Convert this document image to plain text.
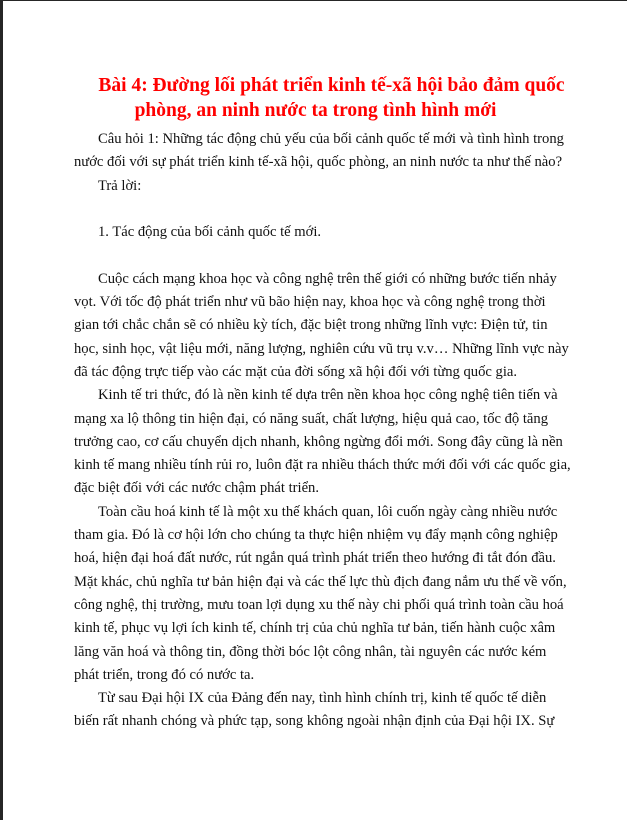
Bài 4: Đường lối phát triển kinh tế-xã hội bảo đảm quốc
phòng, an ninh nước ta trong tình hình mới
Câu hỏi 1: Những tác động chủ yếu của bối cảnh quốc tế mới và tình hình trong
nước đối với sự phát triển kinh tế-xã hội, quốc phòng, an ninh nước ta như thế nào?
Trả lời:
1. Tác động của bối cảnh quốc tế mới.
Cuộc cách mạng khoa học và công nghệ trên thế giới có những bước tiến nhảy
vọt. Với tốc độ phát triển như vũ bão hiện nay, khoa học và công nghệ trong thời
gian tới chắc chắn sẽ có nhiều kỳ tích, đặc biệt trong những lĩnh vực: Điện tử, tin
học, sinh học, vật liệu mới, năng lượng, nghiên cứu vũ trụ v.v… Những lĩnh vực này
đã tác động trực tiếp vào các mặt của đời sống xã hội đối với từng quốc gia.
Kinh tế tri thức, đó là nền kinh tế dựa trên nền khoa học công nghệ tiên tiến và
mạng xa lộ thông tin hiện đại, có năng suất, chất lượng, hiệu quả cao, tốc độ tăng
trưởng cao, cơ cấu chuyển dịch nhanh, không ngừng đổi mới. Song đây cũng là nền
kinh tế mang nhiều tính rủi ro, luôn đặt ra nhiều thách thức mới đối với các quốc gia,
đặc biệt đối với các nước chậm phát triển.
Toàn cầu hoá kinh tế là một xu thế khách quan, lôi cuốn ngày càng nhiều nước
tham gia. Đó là cơ hội lớn cho chúng ta thực hiện nhiệm vụ đẩy mạnh công nghiệp
hoá, hiện đại hoá đất nước, rút ngắn quá trình phát triển theo hướng đi tắt đón đầu.
Mặt khác, chủ nghĩa tư bản hiện đại và các thế lực thù địch đang nắm ưu thế về vốn,
công nghệ, thị trường, mưu toan lợi dụng xu thế này chi phối quá trình toàn cầu hoá
kinh tế, phục vụ lợi ích kinh tế, chính trị của chủ nghĩa tư bản, tiến hành cuộc xâm
lăng văn hoá và thông tin, đồng thời bóc lột công nhân, tài nguyên các nước kém
phát triển, trong đó có nước ta.
Từ sau Đại hội IX của Đảng đến nay, tình hình chính trị, kinh tế quốc tế diễn
biến rất nhanh chóng và phức tạp, song không ngoài nhận định của Đại hội IX. Sự
